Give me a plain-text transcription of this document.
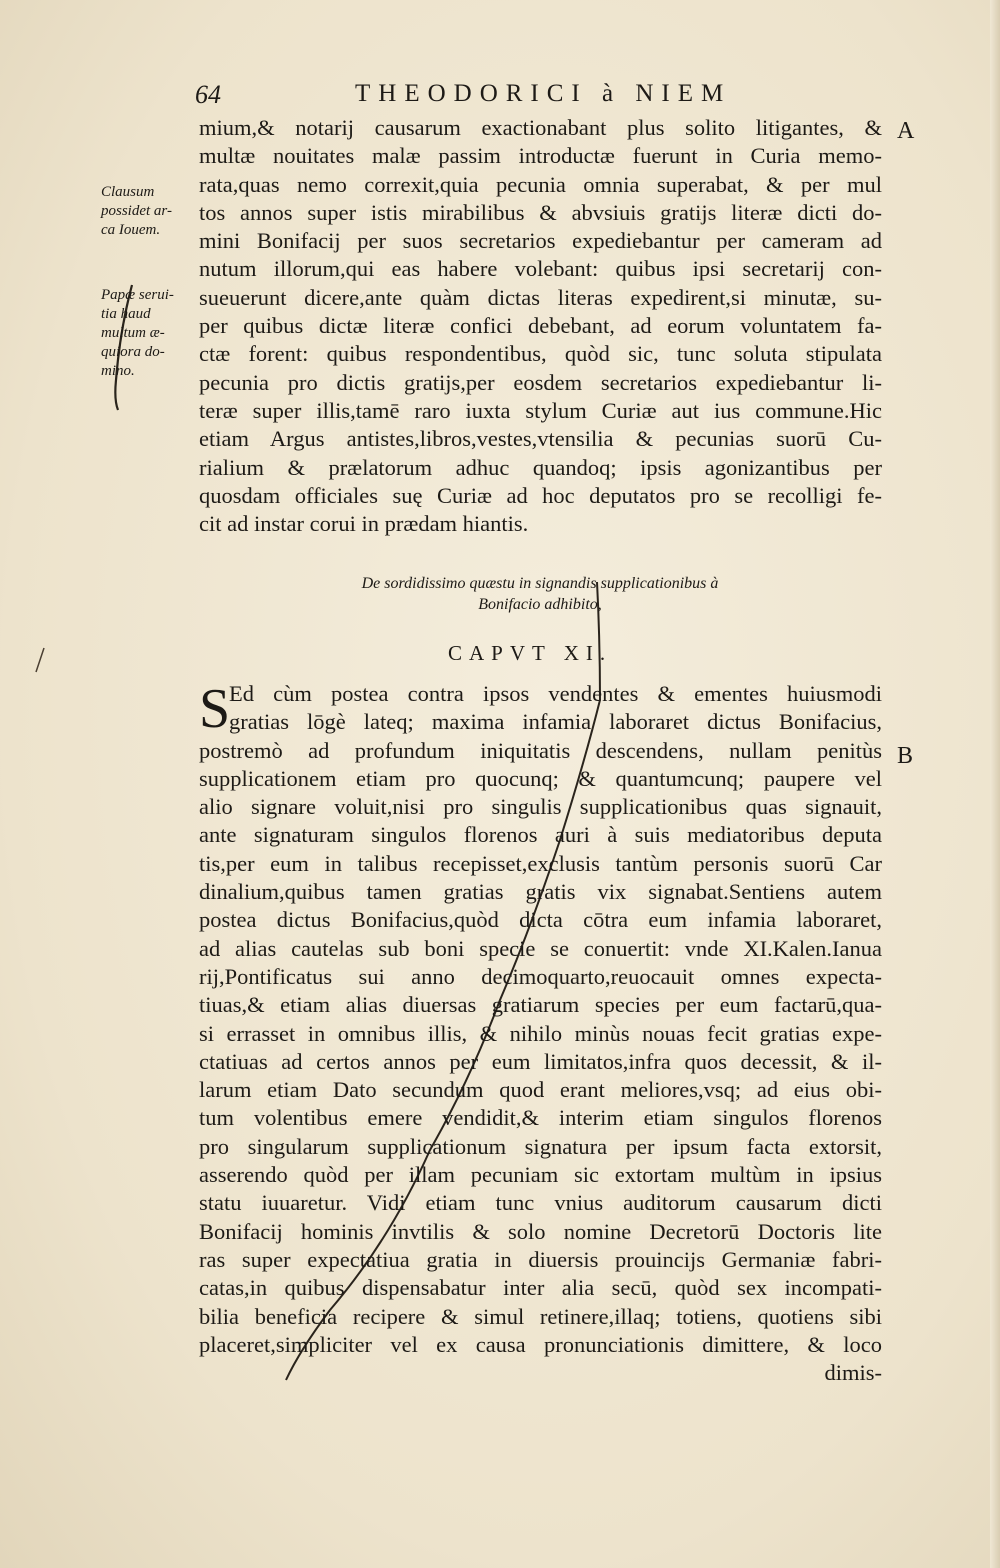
64	THEODORICI à NIEM
Clausum
possidet ar-
ca Iouem.
Papæ serui-
tia haud
multum æ-
quiora do-
mino.
A
B
mium,& notarij causarum exactionabant plus solito litigantes, &
multæ nouitates malæ passim introductæ fuerunt in Curia memo-
rata,quas nemo correxit,quia pecunia omnia superabat, & per mul
tos annos super istis mirabilibus & abvsiuis gratijs literæ dicti do-
mini Bonifacij per suos secretarios expediebantur per cameram ad
nutum illorum,qui eas habere volebant: quibus ipsi secretarij con-
sueuerunt dicere,ante quàm dictas literas expedirent,si minutæ, su-
per quibus dictæ literæ confici debebant, ad eorum voluntatem fa-
ctæ forent: quibus respondentibus, quòd sic, tunc soluta stipulata
pecunia pro dictis gratijs,per eosdem secretarios expediebantur li-
teræ super illis,tamē raro iuxta stylum Curiæ aut ius commune.Hic
etiam Argus antistes,libros,vestes,vtensilia & pecunias suorū Cu-
rialium & prælatorum adhuc quandoq; ipsis agonizantibus per
quosdam officiales suę Curiæ ad hoc deputatos pro se recolligi fe-
cit ad instar corui in prædam hiantis.
De sordidissimo quæstu in signandis supplicationibus à
Bonifacio adhibito,
CAPVT XI.
S
Ed cùm postea contra ipsos vendentes & ementes huiusmodi
gratias lōgè lateq; maxima infamia laboraret dictus Bonifacius,
postremò ad profundum iniquitatis descendens, nullam penitùs
supplicationem etiam pro quocunq; & quantumcunq; paupere vel
alio signare voluit,nisi pro singulis supplicationibus quas signauit,
ante signaturam singulos florenos auri à suis mediatoribus deputa
tis,per eum in talibus recepisset,exclusis tantùm personis suorū Car
dinalium,quibus tamen gratias gratis vix signabat.Sentiens autem
postea dictus Bonifacius,quòd dicta cōtra eum infamia laboraret,
ad alias cautelas sub boni specie se conuertit: vnde XI.Kalen.Ianua
rij,Pontificatus sui anno decimoquarto,reuocauit omnes expecta-
tiuas,& etiam alias diuersas gratiarum species per eum factarū,qua-
si errasset in omnibus illis, & nihilo minùs nouas fecit gratias expe-
ctatiuas ad certos annos per eum limitatos,infra quos decessit, & il-
larum etiam Dato secundum quod erant meliores,vsq; ad eius obi-
tum volentibus emere vendidit,& interim etiam singulos florenos
pro singularum supplicationum signatura per ipsum facta extorsit,
asserendo quòd per illam pecuniam sic extortam multùm in ipsius
statu iuuaretur. Vidi etiam tunc vnius auditorum causarum dicti
Bonifacij hominis invtilis & solo nomine Decretorū Doctoris lite
ras super expectatiua gratia in diuersis prouincijs Germaniæ fabri-
catas,in quibus dispensabatur inter alia secū, quòd sex incompati-
bilia beneficia recipere & simul retinere,illaq; totiens, quotiens sibi
placeret,simpliciter vel ex causa pronunciationis dimittere, & loco
dimis-
